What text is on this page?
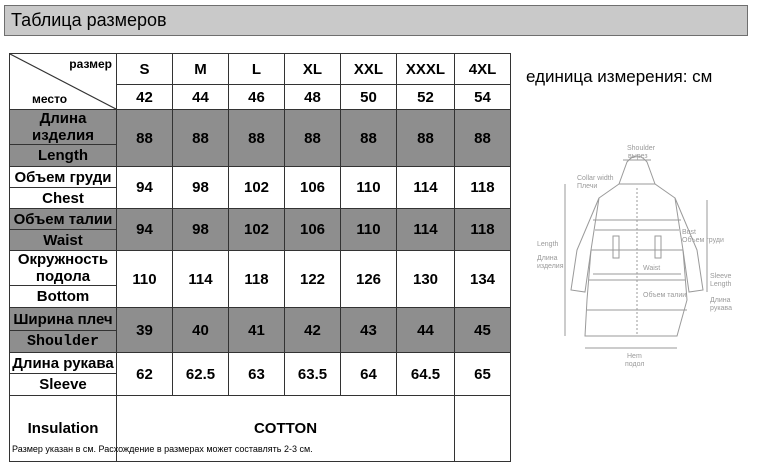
Таблица размеров
размер
место	S	M	L	XL	XXL	XXXL	4XL
	42	44	46	48	50	52	54
Длина изделия	88	88	88	88	88	88	88
Length							
Объем груди	94	98	102	106	110	114	118
Chest							
Объем талии	94	98	102	106	110	114	118
Waist							
Окружность подола	110	114	118	122	126	130	134
Bottom							
Ширина плеч	39	40	41	42	43	44	45
Shoulder							
Длина рукава	62	62.5	63	63.5	64	64.5	65
Sleeve							
Insulation	COTTON						
единица измерения: см
Shoulder
вырез
Collar width
Плечи
Length
Длина
изделия
Bust
Объем груди
Waist
Объем талии
Sleeve
Length
Длина
рукава
Hem
подол
Размер указан в см. Расхождение в размерах может составлять 2-3 см.
